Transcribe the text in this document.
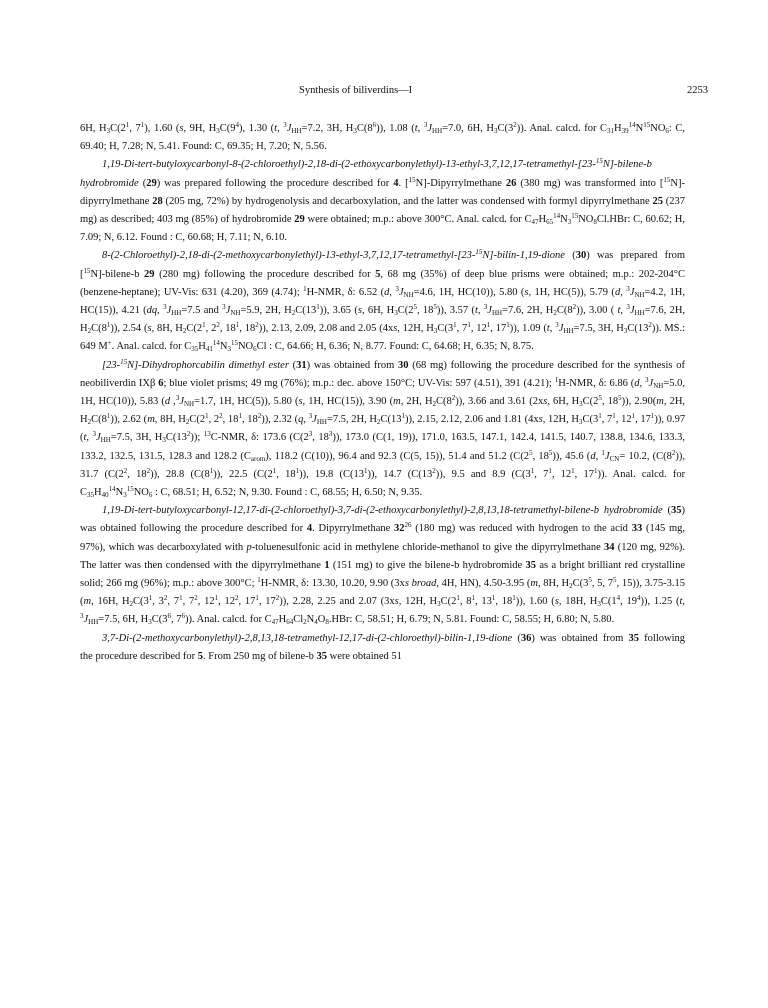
Synthesis of biliverdins—I	2253

6H, $H_3C(2^1$, $7^1$), 1.60 (s, 9H, $H_3C(9^4)$, 1.30 (t, $^3J_{HH}=7.2$, 3H, $H_3C(8^6)$), 1.08 (t, $^3J_{HH}=7.0$, 6H, $H_3C(3^2)$). Anal. calcd. for $C_{31}H_{39}^{14}N^{15}NO_6$: C, 69.40; H, 7.28; N, 5.41. Found: C, 69.35; H, 7.20; N, 5.56.

1,19-Di-tert-butyloxycarbonyl-8-(2-chloroethyl)-2,18-di-(2-ethoxycarbonylethyl)-13-ethyl-3,7,12,17-tetramethyl-[23-$^{15}$N]-bilene-b hydrobromide (29) was prepared following the procedure described for 4. [$^{15}$N]-Dipyrrylmethane 26 (380 mg) was transformed into [$^{15}$N]-dipyrrylmethane 28 (205 mg, 72%) by hydrogenolysis and decarboxylation, and the latter was condensed with formyl dipyrrylmethane 25 (237 mg) as described; 403 mg (85%) of hydrobromide 29 were obtained; m.p.: above 300°C. Anal. calcd. for $C_{47}H_{65}^{14}N_3^{15}NO_8Cl.HBr$: C, 60.62; H, 7.09; N, 6.12. Found : C, 60.68; H, 7.11; N, 6.10.

8-(2-Chloroethyl)-2,18-di-(2-methoxycarbonylethyl)-13-ethyl-3,7,12,17-tetramethyl-[23-$^{15}$N]-bilin-1,19-dione (30) was prepared from [$^{15}$N]-bilene-b 29 (280 mg) following the procedure described for 5, 68 mg (35%) of deep blue prisms were obtained; m.p.: 202-204°C (benzene-heptane); UV-Vis: 631 (4.20), 369 (4.74); $^1$H-NMR, δ: 6.52 (d, $^3J_{NH}=4.6$, 1H, HC(10)), 5.80 (s, 1H, HC(5)), 5.79 (d, $^3J_{NH}=4.2$, 1H, HC(15)), 4.21 (dq, $^3J_{HH}=7.5$ and $^3J_{NH}=5.9$, 2H, $H_2C(13^1)$), 3.65 (s, 6H, $H_3C(2^5$, $18^5$)), 3.57 (t, $^3J_{HH}=7.6$, 2H, $H_2C(8^2)$), 3.00 ( t, $^3J_{HH}=7.6$, 2H, $H_2C(8^1)$), 2.54 (s, 8H, $H_2C(2^1$, $2^2$, $18^1$, $18^2$)), 2.13, 2.09, 2.08 and 2.05 (4xs, 12H, $H_3C(3^1$, $7^1$, $12^1$, $17^1$)), 1.09 (t, $^3J_{HH}=7.5$, 3H, $H_3C(13^2)$). MS.: 649 M+. Anal. calcd. for $C_{35}H_{41}^{14}N_3^{15}NO_6Cl$ : C, 64.66; H, 6.36; N, 8.77. Found: C, 64.68; H, 6.35; N, 8.75.

[23-$^{15}$N]-Dihydrophorcabilin dimethyl ester (31) was obtained from 30 (68 mg) following the procedure described for the synthesis of neobiliverdin IXβ 6; blue violet prisms; 49 mg (76%); m.p.: dec. above 150°C; UV-Vis: 597 (4.51), 391 (4.21); $^1$H-NMR, δ: 6.86 (d, $^3J_{NH}=5.0$, 1H, HC(10)), 5.83 (d $,^3J_{NH}=1.7$, 1H, HC(5)), 5.80 (s, 1H, HC(15)), 3.90 (m, 2H, $H_2C(8^2)$), 3.66 and 3.61 (2xs, 6H, $H_3C(2^5$, $18^5$)), 2.90(m, 2H, $H_2C(8^1)$), 2.62 (m, 8H, $H_2C(2^1$, $2^2$, $18^1$, $18^2$)), 2.32 (q, $^3J_{HH}=7.5$, 2H, $H_2C(13^1)$), 2.15, 2.12, 2.06 and 1.81 (4xs, 12H, $H_3C(3^1$, $7^1$, $12^1$, $17^1$)), 0.97 (t, $^3J_{HH}=7.5$, 3H, $H_3C(13^2)$); $^{13}$C-NMR, δ: 173.6 ($C(2^3$, $18^3$)), 173.0 (C(1, 19)), 171.0, 163.5, 147.1, 142.4, 141.5, 140.7, 138.8, 134.6, 133.3, 133.2, 132.5, 131.5, 128.3 and 128.2 $(C_{arom})$, 118.2 (C(10)), 96.4 and 92.3 (C(5, 15)), 51.4 and 51.2 ($C(2^5$, $18^5$)), 45.6 (d, $^1J_{CN}= 10.2$, $(C(8^2))$, 31.7 ($C(2^2$, $18^2$)), 28.8 $(C(8^1))$, 22.5 ($C(2^1$, $18^1$)), 19.8 $(C(13^1))$, 14.7 $(C(13^2))$, 9.5 and 8.9 ($C(3^1$, $7^1$, $12^1$, $17^1$)). Anal. calcd. for $C_{35}H_{40}^{14}N_3^{15}NO_6$ : C, 68.51; H, 6.52; N, 9.30. Found : C, 68.55; H, 6.50; N, 9.35.

1,19-Di-tert-butyloxycarbonyl-12,17-di-(2-chloroethyl)-3,7-di-(2-ethoxycarbonylethyl)-2,8,13,18-tetramethyl-bilene-b hydrobromide (35) was obtained following the procedure described for 4. Dipyrrylmethane $32^{26}$ (180 mg) was reduced with hydrogen to the acid 33 (145 mg, 97%), which was decarboxylated with p-toluenesulfonic acid in methylene chloride-methanol to give the dipyrrylmethane 34 (120 mg, 92%). The latter was then condensed with the dipyrrylmethane 1 (151 mg) to give the bilene-b hydrobromide 35 as a bright brilliant red crystalline solid; 266 mg (96%); m.p.: above 300°C; $^1$H-NMR, δ: 13.30, 10.20, 9.90 (3xs broad, 4H, HN), 4.50-3.95 (m, 8H, $H_2C(3^5$, 5, $7^5$, 15)), 3.75-3.15 (m, 16H, $H_2C(3^1$, $3^2$, $7^1$, $7^2$, $12^1$, $12^2$, $17^1$, $17^2$)), 2.28, 2.25 and 2.07 (3xs, 12H, $H_3C(2^1$, $8^1$, $13^1$, $18^1$)), 1.60 (s, 18H, $H_3C(1^4$, $19^4$)), 1.25 (t, $^3J_{HH}=7.5$, 6H, $H_3C(3^6$, $7^6$)). Anal. calcd. for $C_{47}H_{64}Cl_2N_4O_8.HBr$: C, 58.51; H, 6.79; N, 5.81. Found: C, 58.55; H, 6.80; N, 5.80.

3,7-Di-(2-methoxycarbonylethyl)-2,8,13,18-tetramethyl-12,17-di-(2-chloroethyl)-bilin-1,19-dione (36) was obtained from 35 following the procedure described for 5. From 250 mg of bilene-b 35 were obtained 51
